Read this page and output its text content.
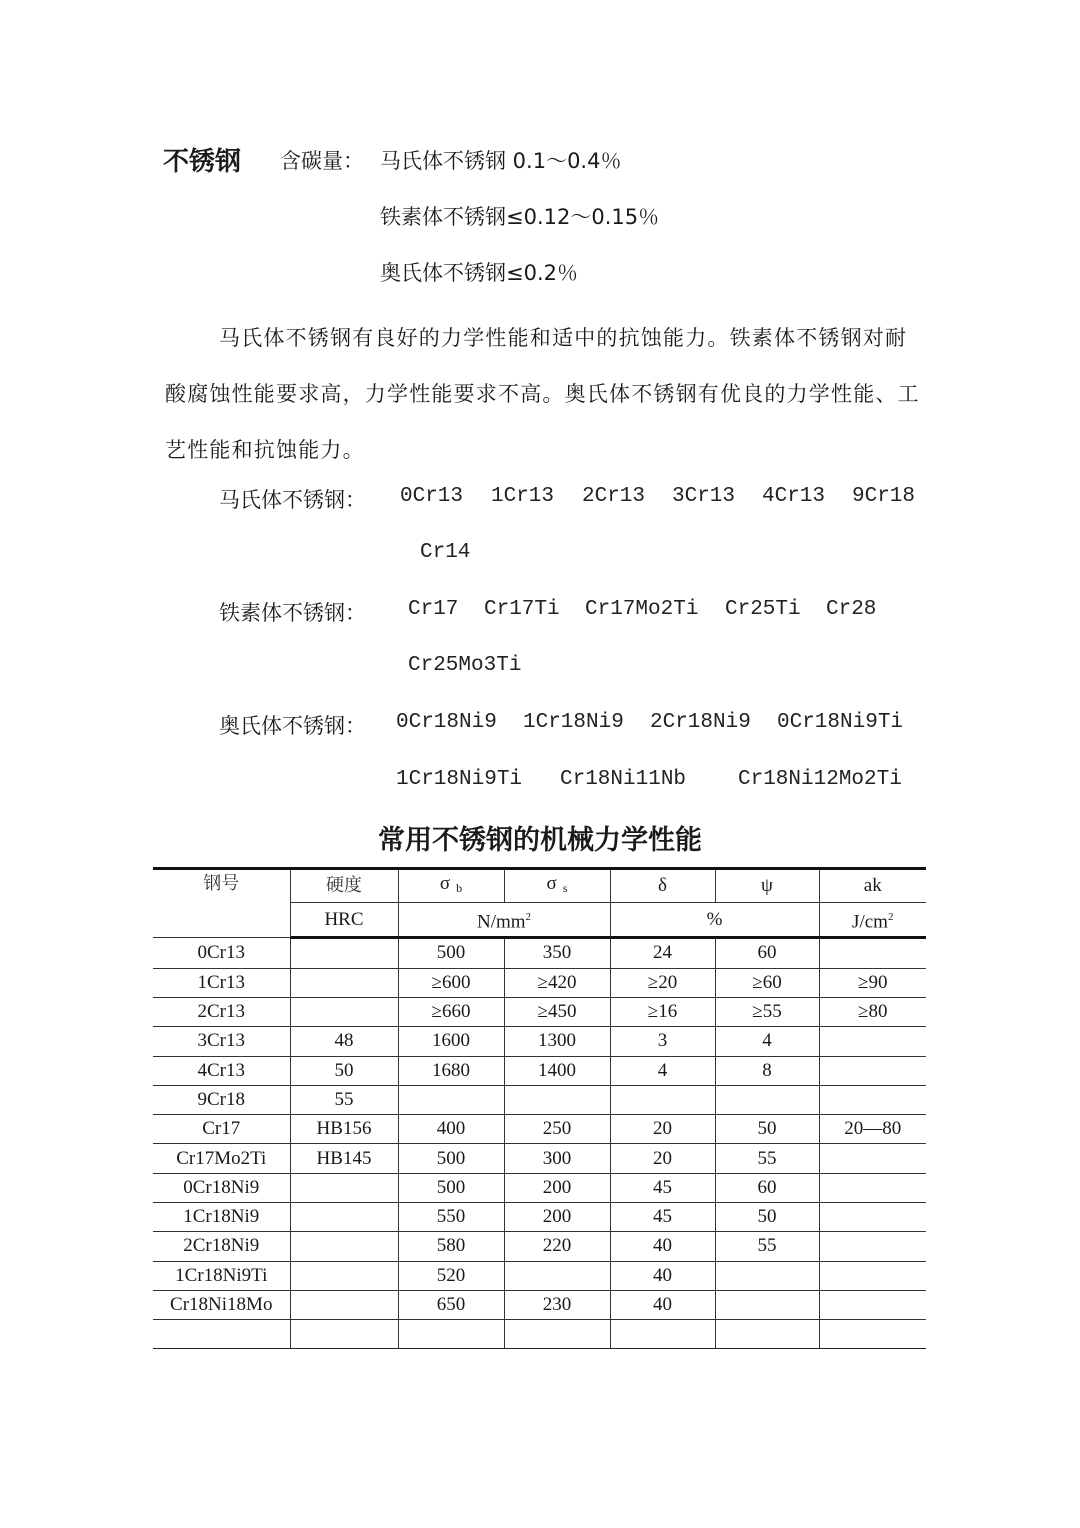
不锈钢 含碳量： 马氏体不锈钢 0.1～0.4％
铁素体不锈钢≤0.12～0.15％
奥氏体不锈钢≤0.2％
马氏体不锈钢有良好的力学性能和适中的抗蚀能力。铁素体不锈钢对耐酸腐蚀性能要求高，力学性能要求不高。奥氏体不锈钢有优良的力学性能、工艺性能和抗蚀能力。
马氏体不锈钢： 0Cr13 1Cr13 2Cr13 3Cr13 4Cr13 9Cr18
Cr14
铁素体不锈钢： Cr17 Cr17Ti Cr17Mo2Ti Cr25Ti Cr28
Cr25Mo3Ti
奥氏体不锈钢： 0Cr18Ni9 1Cr18Ni9 2Cr18Ni9 0Cr18Ni9Ti
1Cr18Ni9Ti Cr18Ni11Nb Cr18Ni12Mo2Ti
常用不锈钢的机械力学性能
钢号	硬度	σ $_b$	σ $_s$	δ	ψ	ak
	HRC	$N/mm^2$		%		$J/cm^2$
0Cr13		500	350	24	60	
1Cr13		≥600	≥420	≥20	≥60	≥90
2Cr13		≥660	≥450	≥16	≥55	≥80
3Cr13	48	1600	1300	3	4	
4Cr13	50	1680	1400	4	8	
9Cr18	55					
Cr17	HB156	400	250	20	50	20—80
Cr17Mo2Ti	HB145	500	300	20	55	
0Cr18Ni9		500	200	45	60	
1Cr18Ni9		550	200	45	50	
2Cr18Ni9		580	220	40	55	
1Cr18Ni9Ti		520		40		
Cr18Ni18Mo		650	230	40		
